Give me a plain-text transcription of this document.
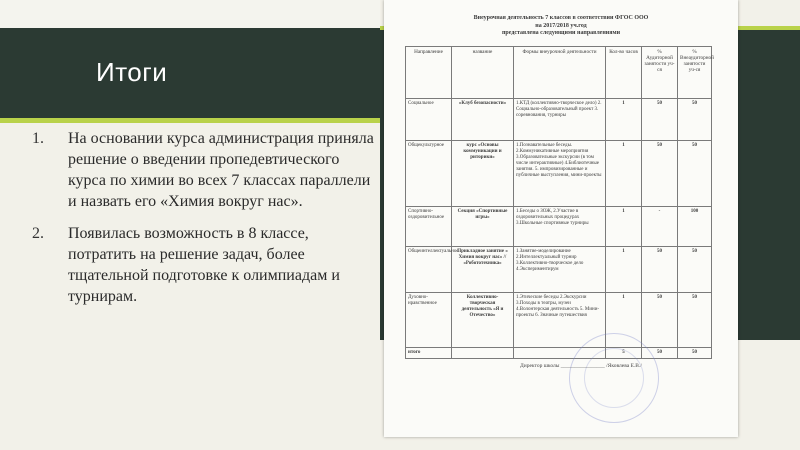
Итоги
1.	На основании курса администрация приняла решение о введении пропедевтического курса по химии во всех 7 классах параллели и назвать его «Химия вокруг нас».
2.	Появилась возможность в 8 классе, потратить на решение задач, более тщательной подготовке к олимпиадам и турнирам.
Внеурочная деятельность 7 классов в соответствии ФГОС ООО
на 2017/2018 уч.год
представлена следующими направлениями
Направление	название	Формы внеурочной деятельности	Кол-во часов	% Аудиторной занятости уч-ся	% Внеаудиторной занятости уч-ся
Социальное	«Клуб безопасности»	1.КТД (коллективно-творческое дело) 2. Социально-образовательный проект 3. соревнования, турниры	1	50	50
Общекультурное	курс «Основы коммуникации и риторики»	1.Познавательные беседы. 2.Коммуникативные мероприятия 3.Образовательные экскурсии (в том числе интерактивные) 4.Библиотечные занятия. 5. импровизированные и публичные выступления, мини-проекты	1	50	50
Спортивно-оздоровительное	Секция «Спортивные игры»	1.Беседы о ЗОЖ, 2.Участие в оздоровительных процедурах 3.Школьные спортивные турниры	1	-	100
Общеинтеллектуальное	Прикладное занятие « Химия вокруг нас» // «Робототехника»	1.Занятие-моделирование 2.Интеллектуальный турнир 3.Коллективно-творческое дело 4.Экспериментирум	1	50	50
Духовно-нравственное	Коллективно-творческая деятельность «Я и Отечество»	1.Этические беседы 2.Экскурсии 3.Походы в театры, музеи 4.Волонтерская деятельность 5. Мини-проекты 6. Значные путешествия	1	50	50
итого			5	50	50
Директор школы ________________ /Яковлева Е.В./
